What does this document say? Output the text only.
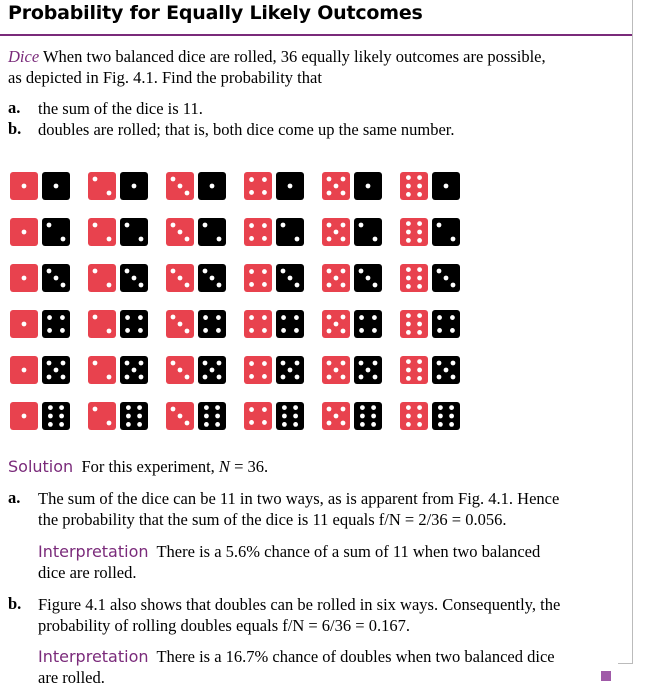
Probability for Equally Likely Outcomes
Dice When two balanced dice are rolled, 36 equally likely outcomes are possible,
as depicted in Fig. 4.1. Find the probability that
a. the sum of the dice is 11.
b. doubles are rolled; that is, both dice come up the same number.
Solution For this experiment, N = 36.
a. The sum of the dice can be 11 in two ways, as is apparent from Fig. 4.1. Hence
the probability that the sum of the dice is 11 equals f/N = 2/36 = 0.056.
Interpretation There is a 5.6% chance of a sum of 11 when two balanced
dice are rolled.
b. Figure 4.1 also shows that doubles can be rolled in six ways. Consequently, the
probability of rolling doubles equals f/N = 6/36 = 0.167.
Interpretation There is a 16.7% chance of doubles when two balanced dice
are rolled.
